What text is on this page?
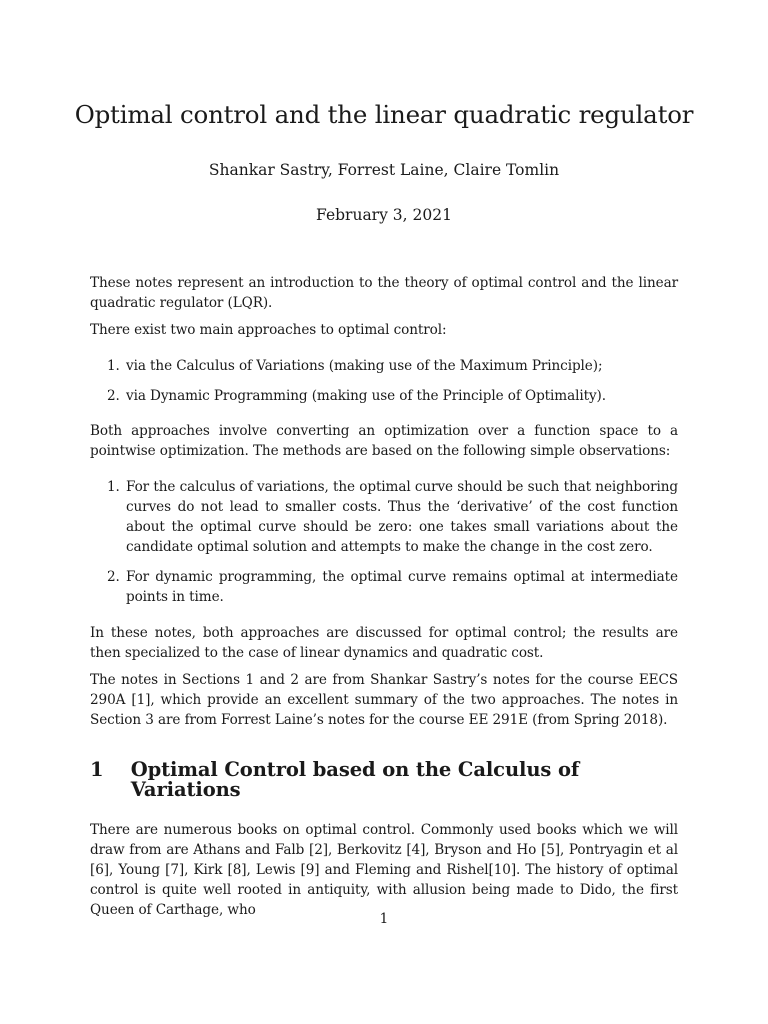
Optimal control and the linear quadratic regulator
Shankar Sastry, Forrest Laine, Claire Tomlin
February 3, 2021

These notes represent an introduction to the theory of optimal control and the linear quadratic regulator (LQR).

There exist two main approaches to optimal control:

1. via the Calculus of Variations (making use of the Maximum Principle);
2. via Dynamic Programming (making use of the Principle of Optimality).

Both approaches involve converting an optimization over a function space to a pointwise optimization. The methods are based on the following simple observations:

1. For the calculus of variations, the optimal curve should be such that neighboring curves do not lead to smaller costs. Thus the ‘derivative’ of the cost function about the optimal curve should be zero: one takes small variations about the candidate optimal solution and attempts to make the change in the cost zero.
2. For dynamic programming, the optimal curve remains optimal at intermediate points in time.

In these notes, both approaches are discussed for optimal control; the results are then specialized to the case of linear dynamics and quadratic cost.

The notes in Sections 1 and 2 are from Shankar Sastry’s notes for the course EECS 290A [1], which provide an excellent summary of the two approaches. The notes in Section 3 are from Forrest Laine’s notes for the course EE 291E (from Spring 2018).

1	Optimal Control based on the Calculus of Variations

There are numerous books on optimal control. Commonly used books which we will draw from are Athans and Falb [2], Berkovitz [4], Bryson and Ho [5], Pontryagin et al [6], Young [7], Kirk [8], Lewis [9] and Fleming and Rishel[10]. The history of optimal control is quite well rooted in antiquity, with allusion being made to Dido, the first Queen of Carthage, who

1
